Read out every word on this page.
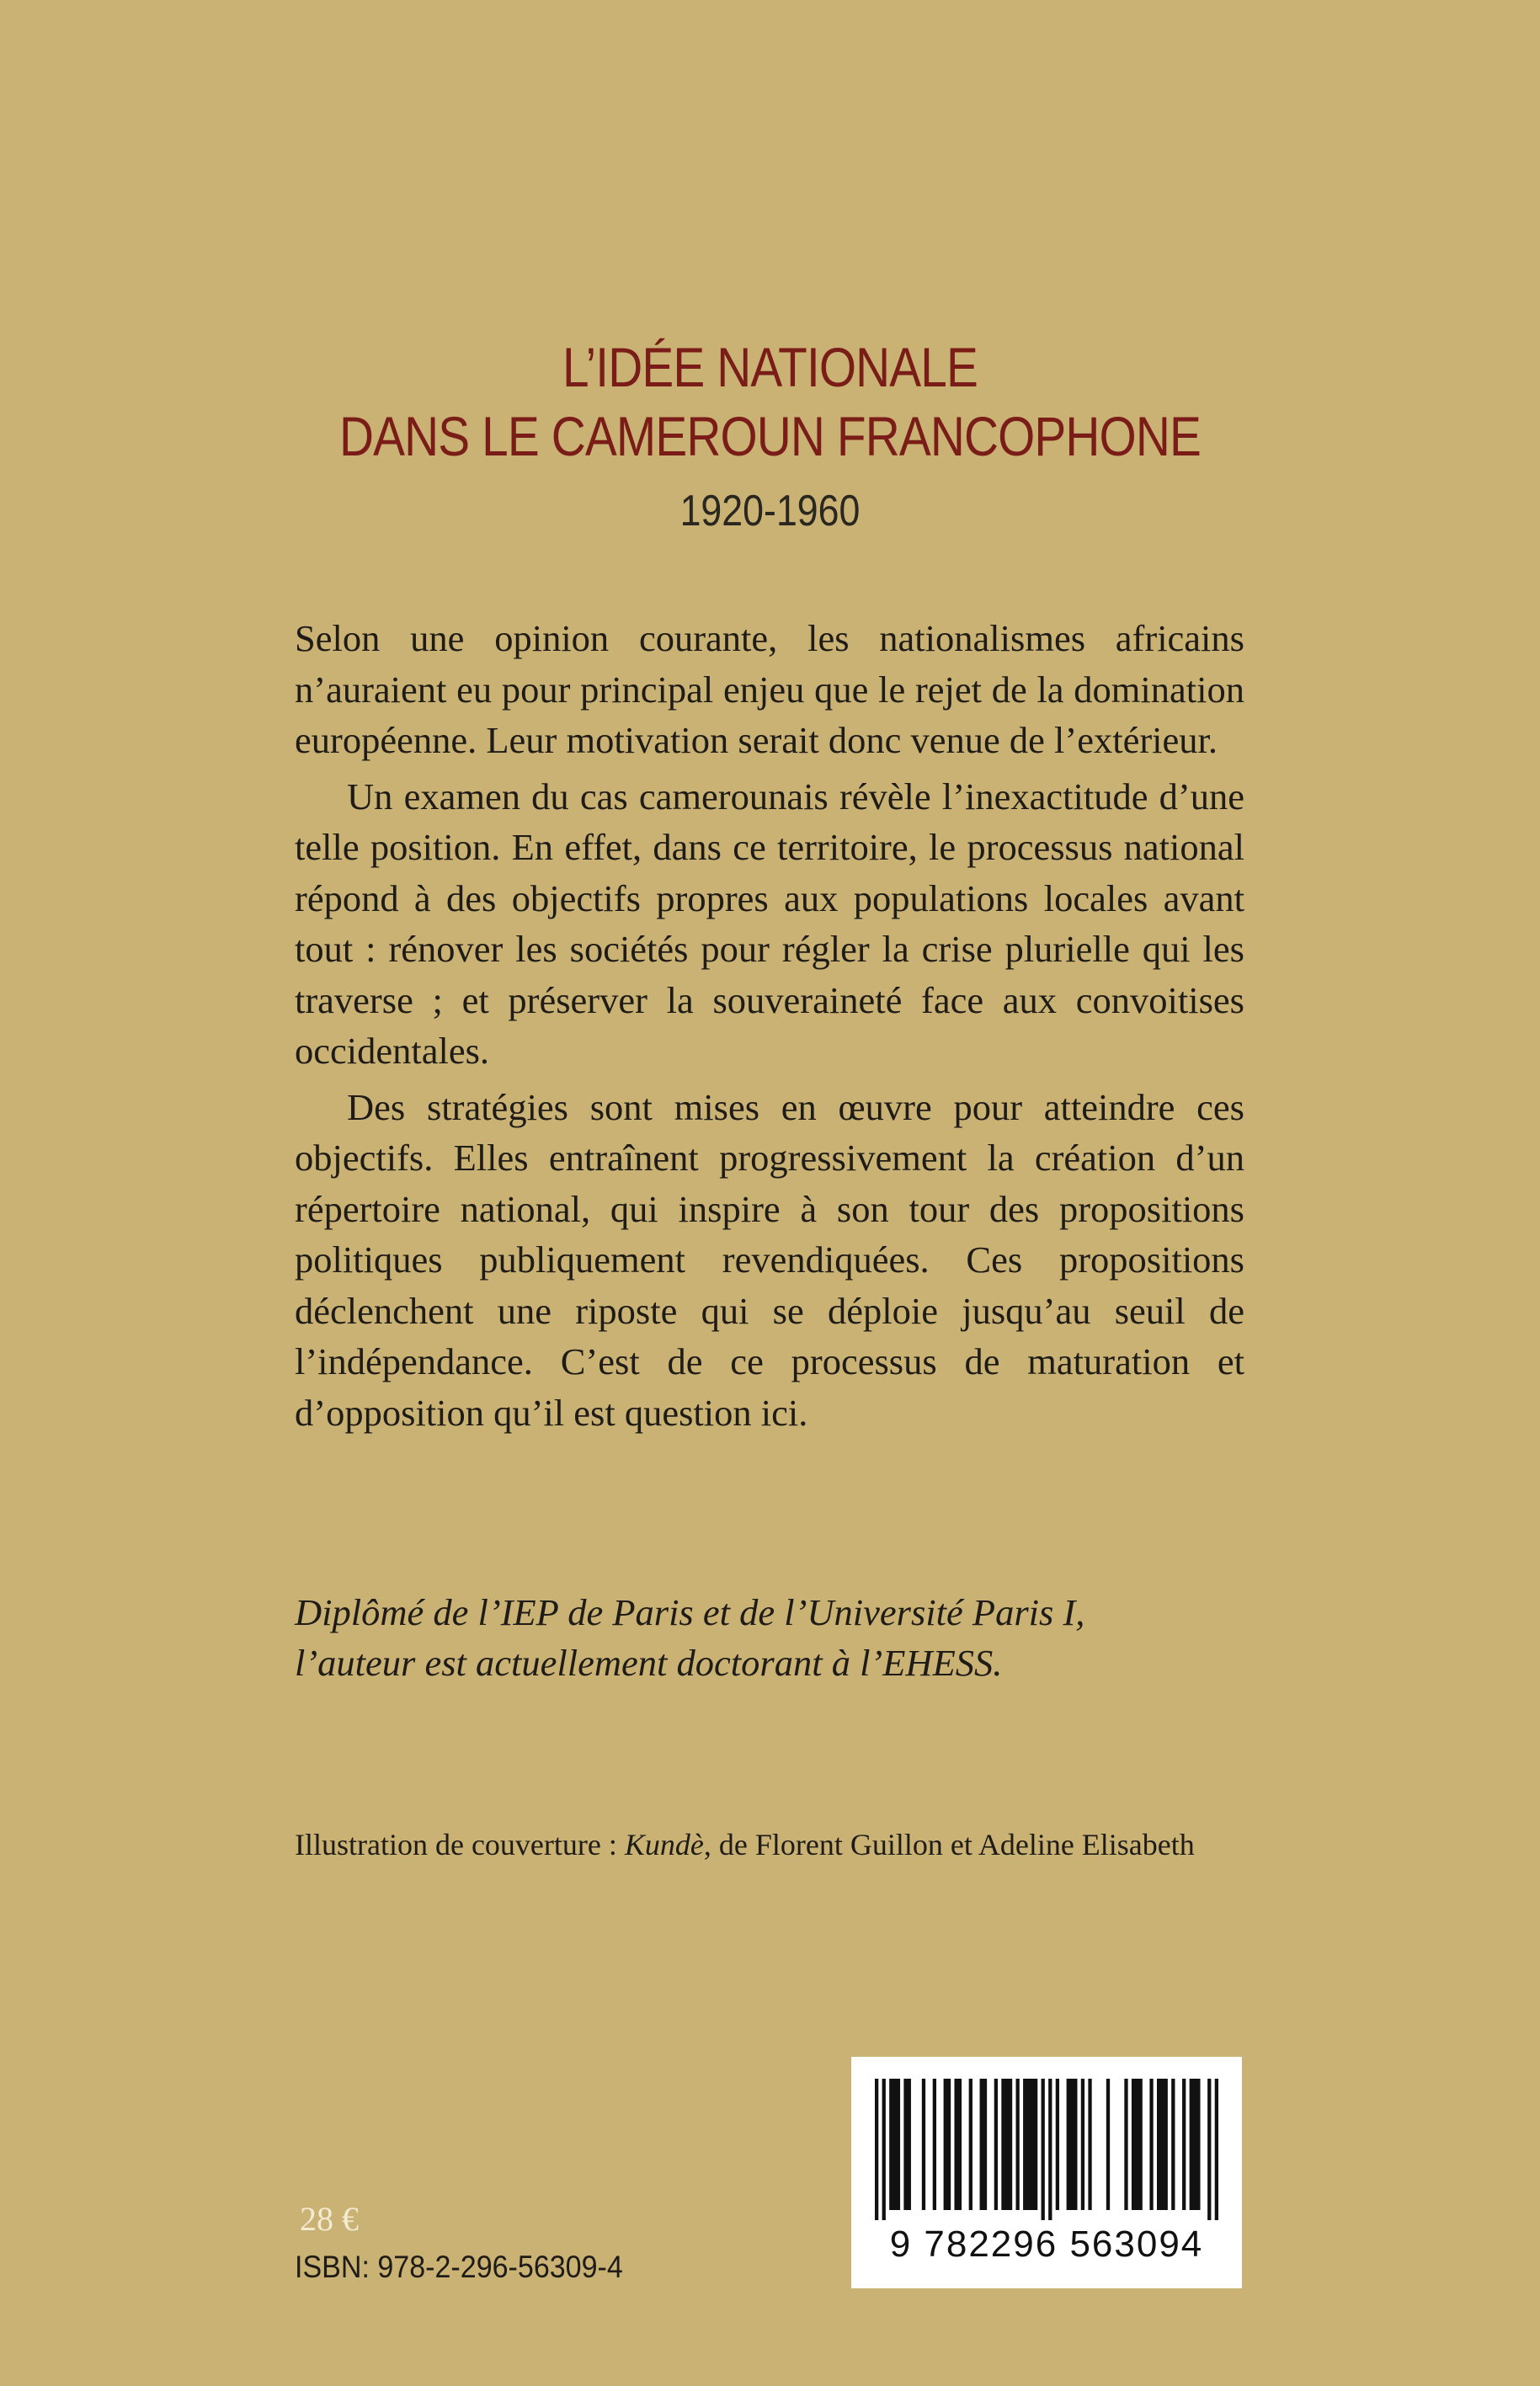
L’IDÉE NATIONALE
DANS LE CAMEROUN FRANCOPHONE
1920-1960

Selon une opinion courante, les nationalismes africains n’auraient eu pour principal enjeu que le rejet de la domination européenne. Leur motivation serait donc venue de l’extérieur.

Un examen du cas camerounais révèle l’inexactitude d’une telle position. En effet, dans ce territoire, le processus national répond à des objectifs propres aux populations locales avant tout : rénover les sociétés pour régler la crise plurielle qui les traverse ; et préserver la souveraineté face aux convoitises occidentales.

Des stratégies sont mises en œuvre pour atteindre ces objectifs. Elles entraînent progressivement la création d’un répertoire national, qui inspire à son tour des propositions politiques publiquement revendiquées. Ces propositions déclenchent une riposte qui se déploie jusqu’au seuil de l’indépendance. C’est de ce processus de maturation et d’opposition qu’il est question ici.

Diplômé de l’IEP de Paris et de l’Université Paris I,

l’auteur est actuellement doctorant à l’EHESS.

Illustration de couverture : Kundè, de Florent Guillon et Adeline Elisabeth
28 €
ISBN: 978-2-296-56309-4
9 782296 563094
